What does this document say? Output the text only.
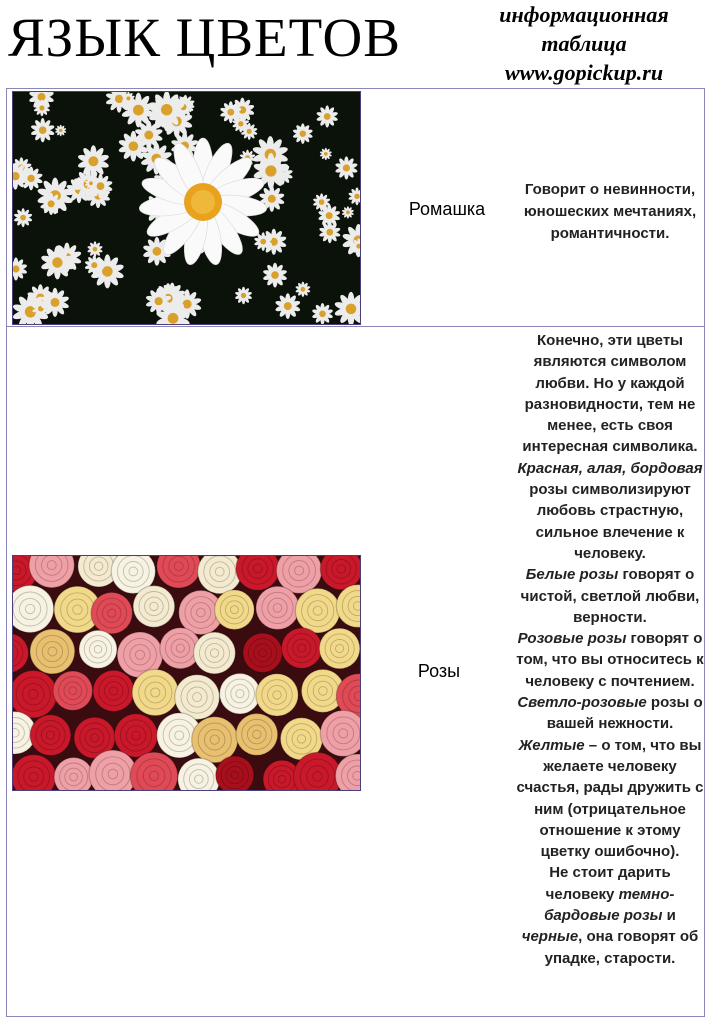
ЯЗЫК ЦВЕТОВ	информационная
таблица
www.gopickup.ru
Ромашка
Говорит о невинности, юношеских мечтаниях, романтичности.
Розы
Конечно, эти цветы являются символом любви. Но у каждой разновидности, тем не менее, есть своя интересная символика.
Красная, алая, бордовая розы символизируют любовь страстную, сильное влечение к человеку.
Белые розы говорят о чистой, светлой любви, верности.
Розовые розы говорят о том, что вы относитесь к человеку с почтением.
Светло-розовые розы о вашей нежности.
Желтые – о том, что вы желаете человеку счастья, рады дружить с ним (отрицательное отношение к этому цветку ошибочно).
Не стоит дарить человеку темно-бардовые розы и черные, она говорят об упадке, старости.
